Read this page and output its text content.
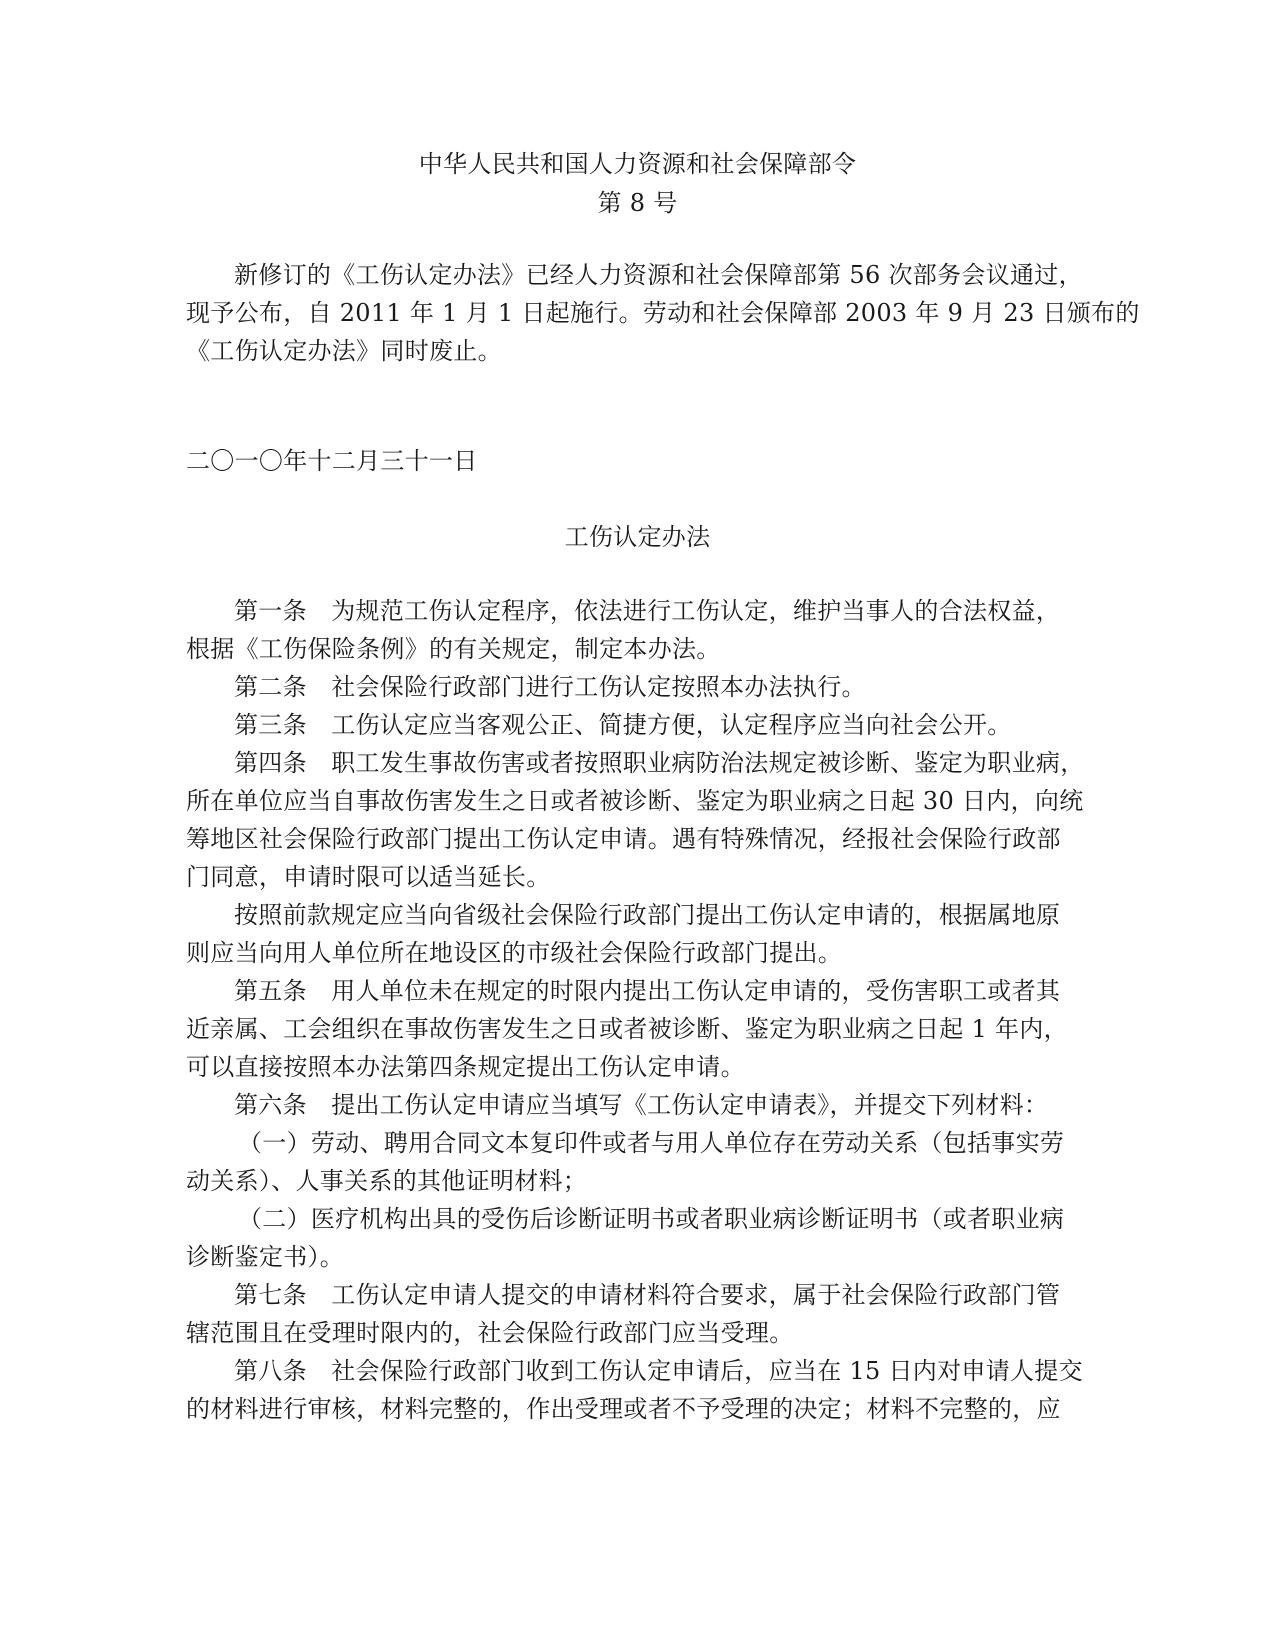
中华人民共和国人力资源和社会保障部令
第 8 号
新修订的《工伤认定办法》已经人力资源和社会保障部第 56 次部务会议通过，
现予公布，自 2011 年 1 月 1 日起施行。劳动和社会保障部 2003 年 9 月 23 日颁布的
《工伤认定办法》同时废止。
二〇一〇年十二月三十一日
工伤认定办法
第一条　为规范工伤认定程序，依法进行工伤认定，维护当事人的合法权益，
根据《工伤保险条例》的有关规定，制定本办法。
第二条　社会保险行政部门进行工伤认定按照本办法执行。
第三条　工伤认定应当客观公正、简捷方便，认定程序应当向社会公开。
第四条　职工发生事故伤害或者按照职业病防治法规定被诊断、鉴定为职业病，
所在单位应当自事故伤害发生之日或者被诊断、鉴定为职业病之日起 30 日内，向统
筹地区社会保险行政部门提出工伤认定申请。遇有特殊情况，经报社会保险行政部
门同意，申请时限可以适当延长。
按照前款规定应当向省级社会保险行政部门提出工伤认定申请的，根据属地原
则应当向用人单位所在地设区的市级社会保险行政部门提出。
第五条　用人单位未在规定的时限内提出工伤认定申请的，受伤害职工或者其
近亲属、工会组织在事故伤害发生之日或者被诊断、鉴定为职业病之日起 1 年内，
可以直接按照本办法第四条规定提出工伤认定申请。
第六条　提出工伤认定申请应当填写《工伤认定申请表》，并提交下列材料：
（一）劳动、聘用合同文本复印件或者与用人单位存在劳动关系（包括事实劳
动关系）、人事关系的其他证明材料；
（二）医疗机构出具的受伤后诊断证明书或者职业病诊断证明书（或者职业病
诊断鉴定书）。
第七条　工伤认定申请人提交的申请材料符合要求，属于社会保险行政部门管
辖范围且在受理时限内的，社会保险行政部门应当受理。
第八条　社会保险行政部门收到工伤认定申请后，应当在 15 日内对申请人提交
的材料进行审核，材料完整的，作出受理或者不予受理的决定；材料不完整的，应
